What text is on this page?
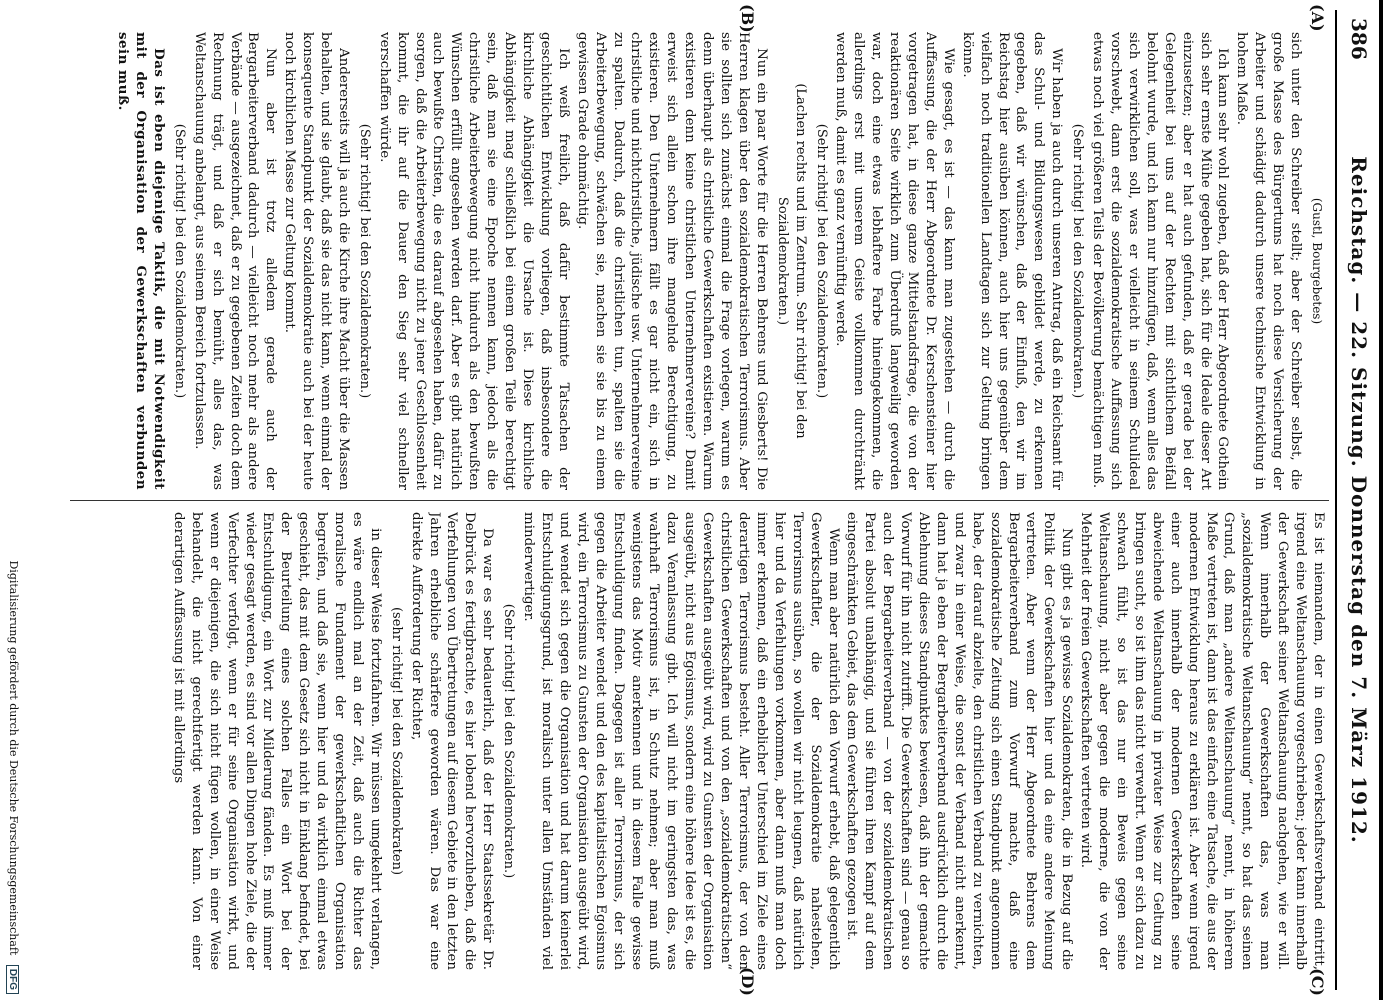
386
Reichstag. — 22. Sitzung. Donnerstag den 7. März 1912.
(A)
(B)
(C)
(D)

(Gustl, Bourgebetes)

sich unter den Schreiber stellt; aber der Schreiber selbst, die große Masse des Bürgertums hat noch diese Versicherung der Arbeiter und schädigt dadurch unsere technische Entwicklung in hohem Maße.

Ich kann sehr wohl zugeben, daß der Herr Abgeordnete Gothein sich sehr ernste Mühe gegeben hat, sich für die Ideale dieser Art einzusetzen; aber er hat auch gefunden, daß er gerade bei der Gelegenheit bei uns auf der Rechten mit sichtlichem Beifall belohnt wurde, und ich kann nur hinzufügen, daß, wenn alles das sich verwirklichen soll, was er vielleicht in seinem Schulideal vorschwebt, dann erst die sozialdemokratische Auffassung sich etwas noch viel größeren Teils der Bevölkerung bemächtigen muß.

(Sehr richtig! bei den Sozialdemokraten.)

Wir haben ja auch durch unseren Antrag, daß ein Reichsamt für das Schul- und Bildungswesen gebildet werde, zu erkennen gegeben, daß wir wünschen, daß der Einfluß, den wir im Reichstag hier ausüben können, auch hier uns gegenüber dem vielfach noch traditionellen Landtagen sich zur Geltung bringen könne.

Wie gesagt, es ist — das kann man zugestehen — durch die Auffassung, die der Herr Abgeordnete Dr. Kerschensteiner hier vorgetragen hat, in diese ganze Mittelstandsfrage, die von der reaktionären Seite wirklich zum Überdruß langweilig geworden war, doch eine etwas lebhaftere Farbe hineingekommen, die allerdings erst mit unserem Geiste vollkommen durchtränkt werden muß, damit es ganz vernünftig werde.

(Sehr richtig! bei den Sozialdemokraten.)

(Lachen rechts und im Zentrum. Sehr richtig! bei den Sozialdemokraten.)

Nun ein paar Worte für die Herren Behrens und Giesberts! Die Herren klagen über den sozialdemokratischen Terrorismus. Aber sie sollten sich zunächst einmal die Frage vorlegen, warum es denn überhaupt als christliche Gewerkschaften existieren. Warum existieren denn keine christlichen Unternehmervereine? Damit erweist sich allein schon ihre mangelnde Berechtigung, zu existieren. Den Unternehmern fällt es gar nicht ein, sich in christliche und nichtchristliche, jüdische usw. Unternehmervereine zu spalten. Dadurch, daß die christlichen tun, spalten sie die Arbeiterbewegung, schwächen sie, machen sie sie bis zu einem gewissen Grade ohnmächtig.

Ich weiß freilich, daß dafür bestimmte Tatsachen der geschichtlichen Entwicklung vorliegen, daß insbesondere die kirchliche Abhängigkeit die Ursache ist. Diese kirchliche Abhängigkeit mag schließlich bei einem großen Teile berechtigt sein, daß man sie eine Epoche nennen kann, jedoch als die christliche Arbeiterbewegung nicht hindurch als den bewußten Wünschen erfüllt angesehen werden darf. Aber es gibt natürlich auch bewußte Christen, die es darauf abgesehen haben, dafür zu sorgen, daß die Arbeiterbewegung nicht zu jener Geschlossenheit kommt, die ihr auf die Dauer den Sieg sehr viel schneller verschaffen würde.

(Sehr richtig! bei den Sozialdemokraten.)

Andererseits will ja auch die Kirche ihre Macht über die Massen behalten, und sie glaubt, daß sie das nicht kann, wenn einmal der konsequente Standpunkt der Sozialdemokratie auch bei der heute noch kirchlichen Masse zur Geltung kommt.

Nun aber ist trotz alledem gerade auch der Bergarbeiterverband dadurch — vielleicht noch mehr als andere Verbände — ausgezeichnet, daß er zu gegebenen Zeiten doch dem Rechnung trägt, und daß er sich bemüht, alles das, was Weltanschauung anbelangt, aus seinem Bereich fortzulassen.

(Sehr richtig! bei den Sozialdemokraten.)

Das ist eben diejenige Taktik, die mit Notwendigkeit mit der Organisation der Gewerkschaften verbunden sein muß.

Es ist niemandem, der in einen Gewerkschaftsverband eintritt, irgend eine Weltanschauung vorgeschrieben; jeder kann innerhalb der Gewerkschaft seiner Weltanschauung nachgehen, wie er will. Wenn innerhalb der Gewerkschaften das, was man „sozialdemokratische Weltanschauung“ nennt, so hat das seinen Grund, daß man „andere Weltanschauung“ nennt, in höherem Maße vertreten ist, dann ist das einfach eine Tatsache, die aus der modernen Entwicklung heraus zu erklären ist. Aber wenn irgend einer auch innerhalb der modernen Gewerkschaften seine abweichende Weltanschauung in privater Weise zur Geltung zu bringen sucht, so ist ihm das nicht verwehrt. Wenn er sich dazu zu schwach fühlt, so ist das nur ein Beweis gegen seine Weltanschauung, nicht aber gegen die moderne, die von der Mehrheit der freien Gewerkschaften vertreten wird.

Nun gibt es ja gewisse Sozialdemokraten, die in Bezug auf die Politik der Gewerkschaften hier und da eine andere Meinung vertreten. Aber wenn der Herr Abgeordnete Behrens dem Bergarbeiterverband zum Vorwurf machte, daß eine sozialdemokratische Zeitung sich einen Standpunkt angenommen habe, der darauf abzielte, den christlichen Verband zu vernichten, und zwar in einer Weise, die sonst der Verband nicht anerkennt, dann hat ja eben der Bergarbeiterverband ausdrücklich durch die Ablehnung dieses Standpunktes bewiesen, daß ihn der gemachte Vorwurf für ihn nicht zutrifft. Die Gewerkschaften sind — genau so auch der Bergarbeiterverband — von der sozialdemokratischen Partei absolut unabhängig, und sie führen ihren Kampf auf dem eingeschränkten Gebiet, das dem Gewerkschaften gezogen ist.

Wenn man aber natürlich den Vorwurf erhebt, daß gelegentlich Gewerkschaftler, die der Sozialdemokratie nahestehen, Terrorismus ausüben, so wollen wir nicht leugnen, daß natürlich hier und da Verfehlungen vorkommen, aber dann muß man doch immer erkennen, daß ein erheblicher Unterschied im Ziele eines derartigen Terrorismus besteht. Aller Terrorismus, der von den christlichen Gewerkschaften und von den „sozialdemokratischen“ Gewerkschaften ausgeübt wird, wird zu Gunsten der Organisation ausgeübt, nicht aus Egoismus, sondern eine höhere Idee ist es, die dazu Veranlassung gibt. Ich will nicht im geringsten das, was wahrhaft Terrorismus ist, in Schutz nehmen; aber man muß wenigstens das Motiv anerkennen und in diesem Falle gewisse Entschuldigung finden. Dagegen ist aller Terrorismus, der sich gegen die Arbeiter wendet und den des kapitalistischen Egoismus wird, ein Terrorismus zu Gunsten der Organisation ausgeübt wird, und wendet sich gegen die Organisation und hat darum keinerlei Entschuldigungsgrund, ist moralisch unter allen Umständen viel minderwertiger.

(Sehr richtig! bei den Sozialdemokraten.)

Da war es sehr bedauerlich, daß der Herr Staatssekretär Dr. Delbrück es fertigbrachte, es hier lobend hervorzuheben, daß die Verfehlungen von Übertretungen auf diesem Gebiete in den letzten Jahren erhebliche schärfere geworden wären. Das war eine direkte Aufforderung der Richter,

(sehr richtig! bei den Sozialdemokraten)

in dieser Weise fortzufahren. Wir müssen umgekehrt verlangen, es wäre endlich mal an der Zeit, daß auch die Richter das moralische Fundament der gewerkschaftlichen Organisation begreifen, und daß sie, wenn hier und da wirklich einmal etwas geschieht, das mit dem Gesetz sich nicht in Einklang befindet, bei der Beurteilung eines solchen Falles ein Wort bei der Entschuldigung, ein Wort zur Milderung fänden. Es muß immer wieder gesagt werden, es sind vor allen Dingen hohe Ziele, die der Verfechter verfolgt, wenn er für seine Organisation wirkt, und wenn er diejenigen, die sich nicht fügen wollen, in einer Weise behandelt, die nicht gerechtfertigt werden kann. Von einer derartigen Auffassung ist mit allerdings

Digitalisierung gefördert durch die Deutsche Forschungsgemeinschaft DFG
